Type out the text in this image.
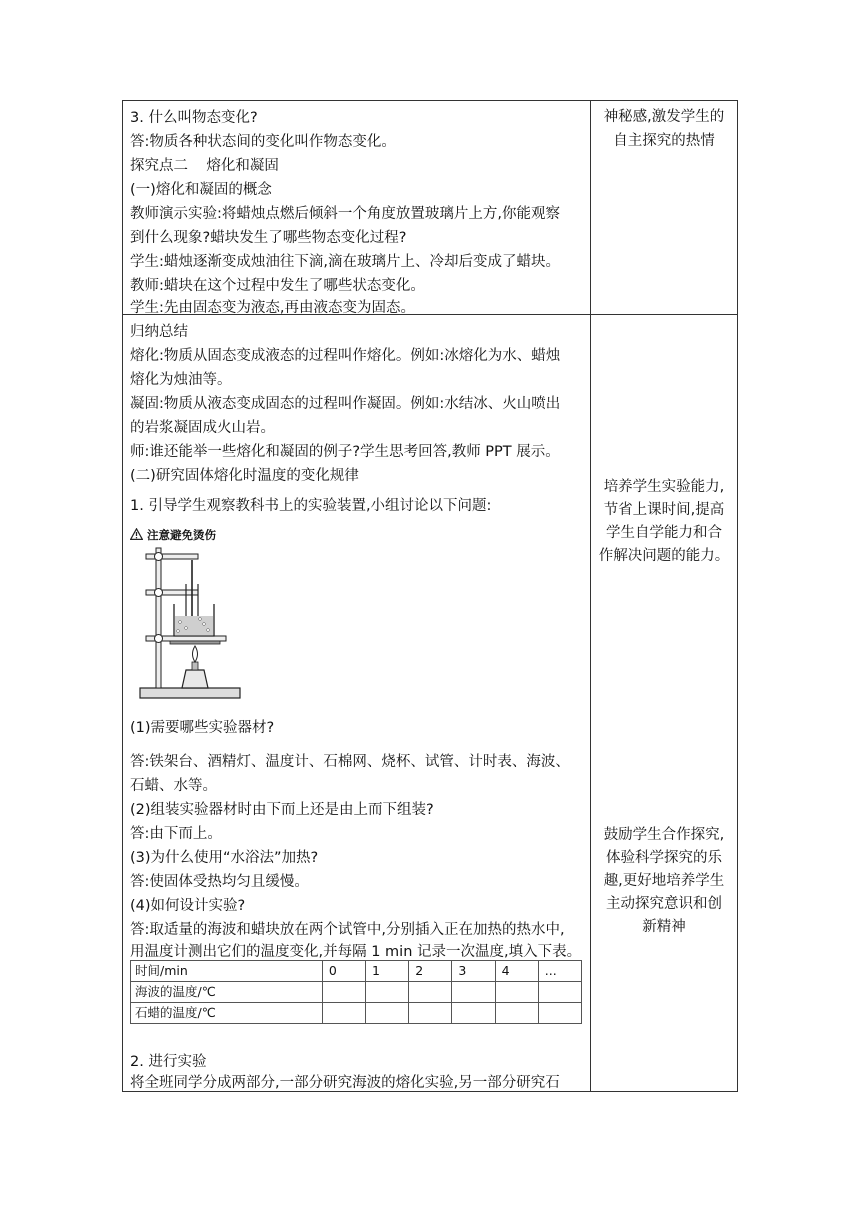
3. 什么叫物态变化?
答:物质各种状态间的变化叫作物态变化。
探究点二    熔化和凝固
(一)熔化和凝固的概念
教师演示实验:将蜡烛点燃后倾斜一个角度放置玻璃片上方,你能观察
到什么现象?蜡块发生了哪些物态变化过程?
学生:蜡烛逐渐变成烛油往下滴,滴在玻璃片上、冷却后变成了蜡块。
教师:蜡块在这个过程中发生了哪些状态变化。
学生:先由固态变为液态,再由液态变为固态。
神秘感,激发学生的
自主探究的热情
归纳总结
熔化:物质从固态变成液态的过程叫作熔化。例如:冰熔化为水、蜡烛
熔化为烛油等。
凝固:物质从液态变成固态的过程叫作凝固。例如:水结冰、火山喷出
的岩浆凝固成火山岩。
师:谁还能举一些熔化和凝固的例子?学生思考回答,教师 PPT 展示。
(二)研究固体熔化时温度的变化规律
1. 引导学生观察教科书上的实验装置,小组讨论以下问题:
注意避免烫伤
(1)需要哪些实验器材?
答:铁架台、酒精灯、温度计、石棉网、烧杯、试管、计时表、海波、
石蜡、水等。
(2)组装实验器材时由下而上还是由上而下组装?
答:由下而上。
(3)为什么使用“水浴法”加热?
答:使固体受热均匀且缓慢。
(4)如何设计实验?
答:取适量的海波和蜡块放在两个试管中,分别插入正在加热的热水中,
用温度计测出它们的温度变化,并每隔 1 min 记录一次温度,填入下表。
时间/min	0	1	2	3	4	...
海波的温度/℃						
石蜡的温度/℃						
2. 进行实验
将全班同学分成两部分,一部分研究海波的熔化实验,另一部分研究石
培养学生实验能力,
节省上课时间,提高
学生自学能力和合
作解决问题的能力。
鼓励学生合作探究,
体验科学探究的乐
趣,更好地培养学生
主动探究意识和创
新精神
